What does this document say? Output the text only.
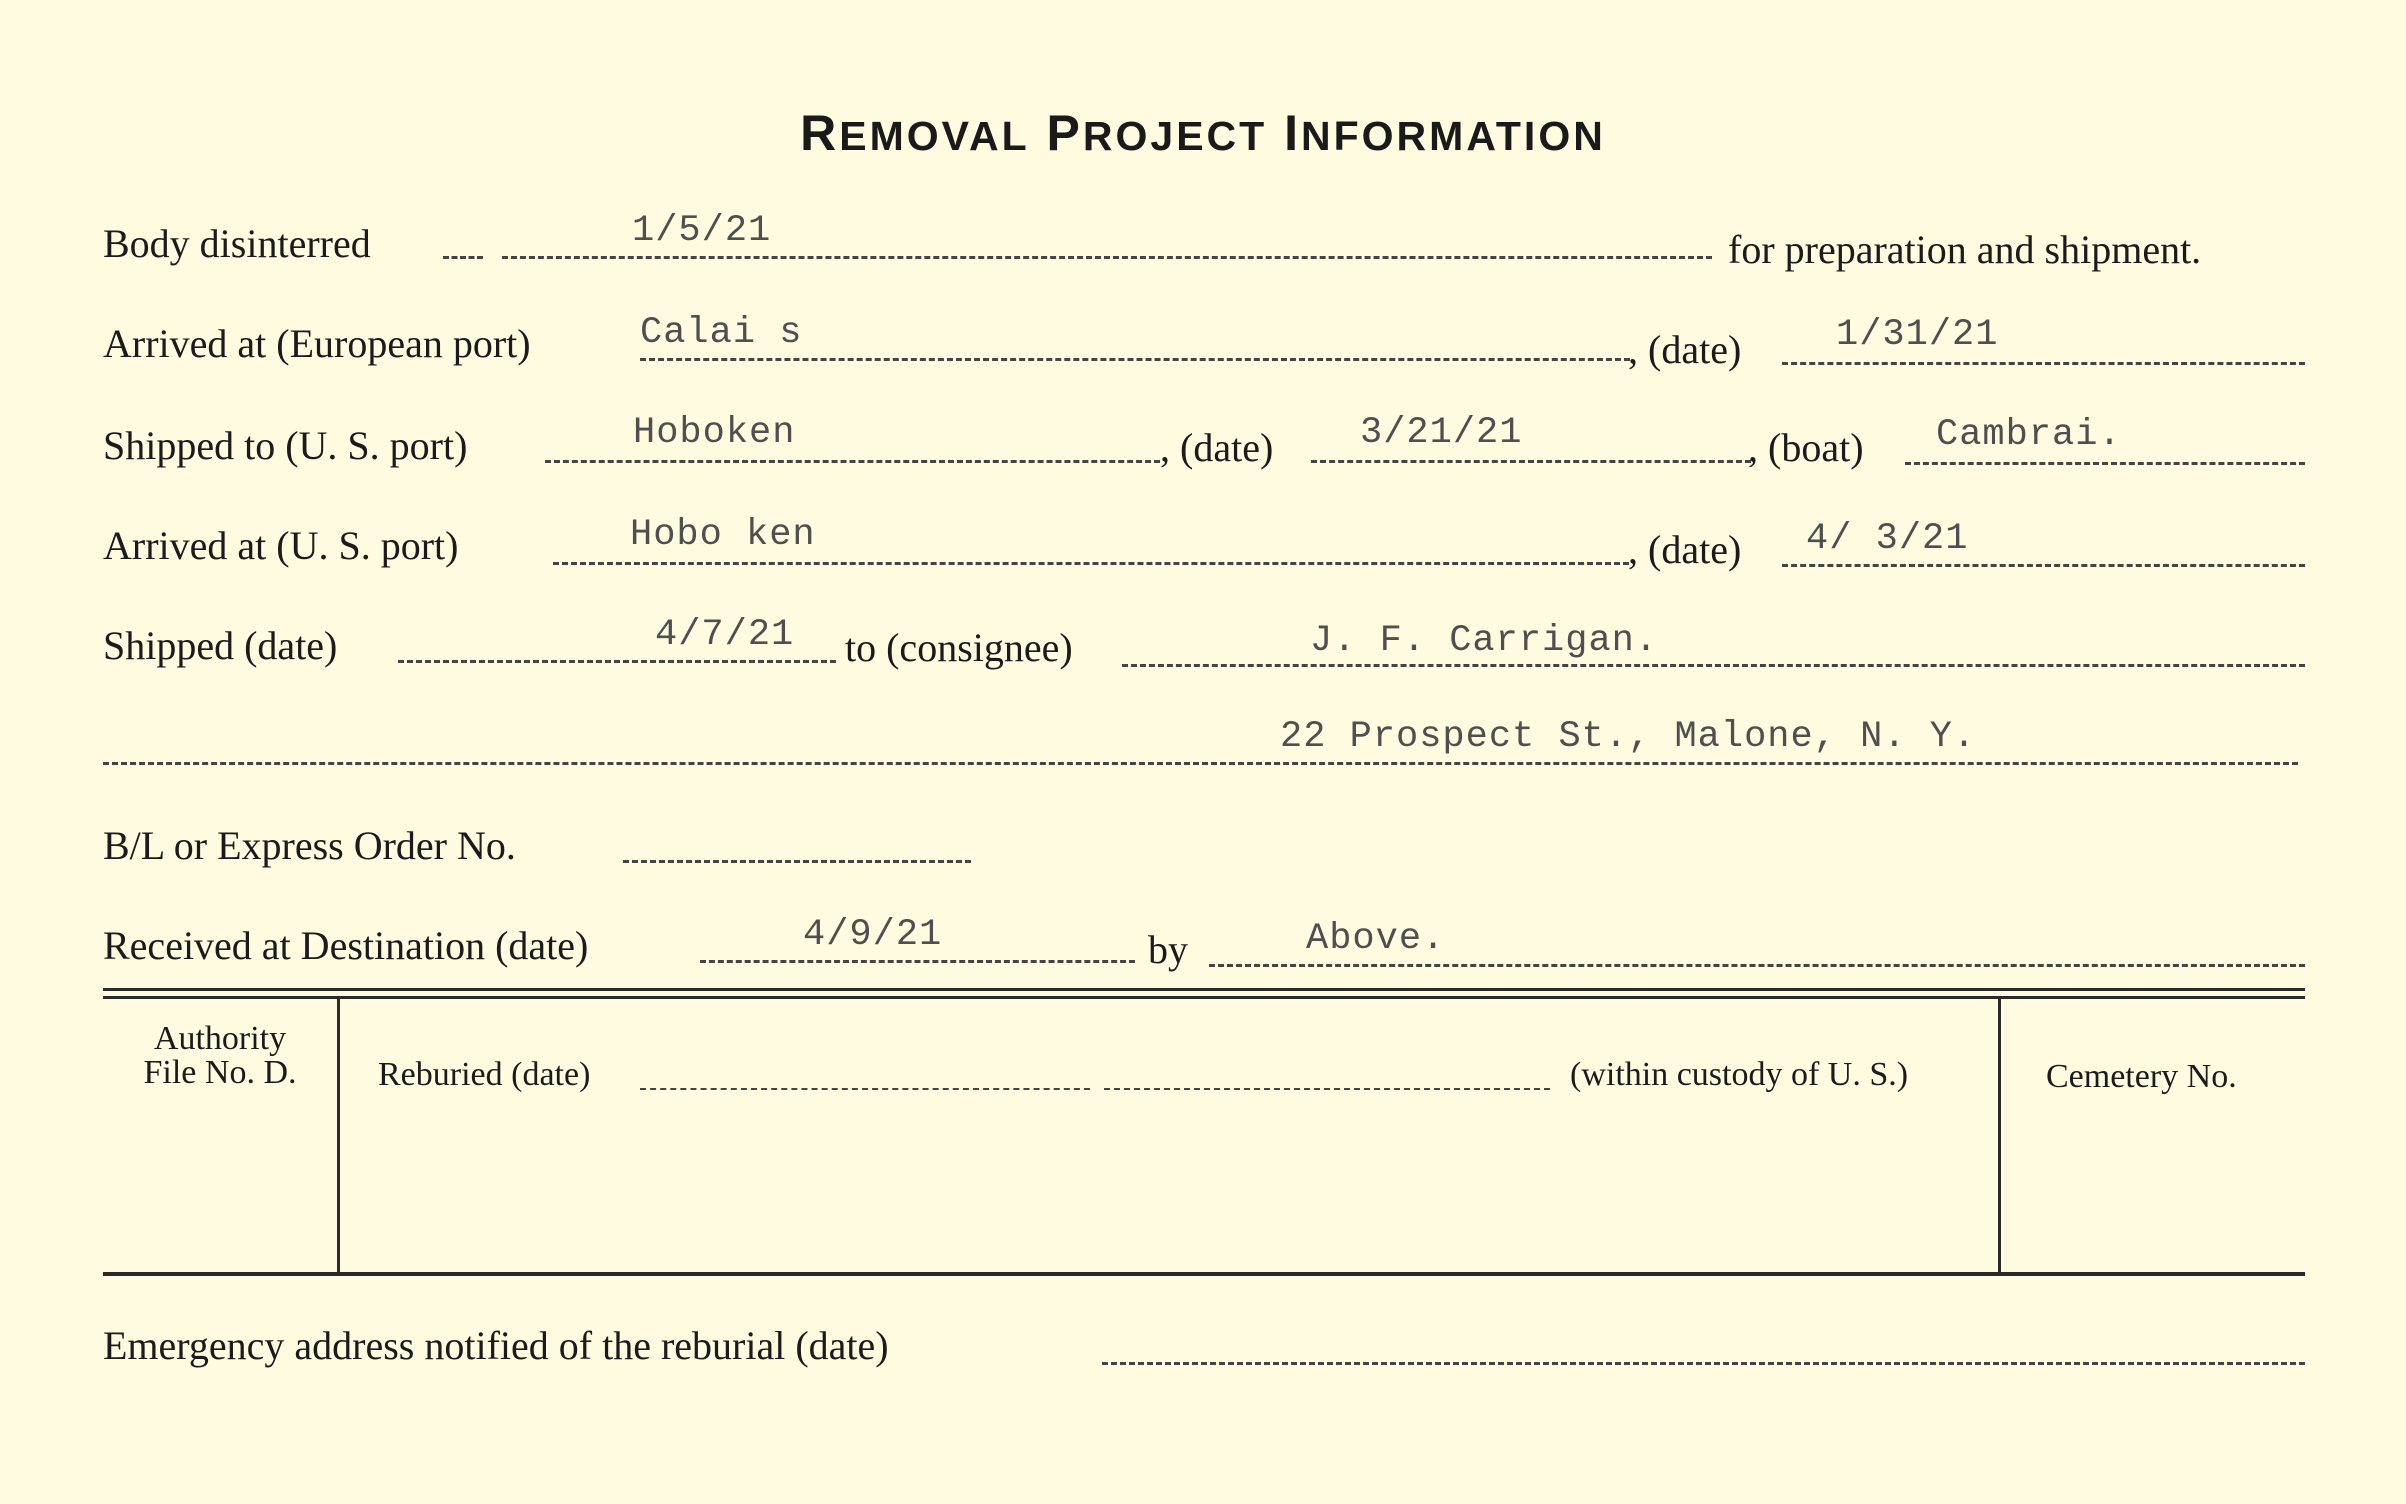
REMOVAL PROJECT INFORMATION
Body disinterred	1/5/21	for preparation and shipment.
Arrived at (European port)	Calai s	, (date)	1/31/21
Shipped to (U. S. port)	Hoboken	, (date) 3/21/21	, (boat) Cambrai.
Arrived at (U. S. port)	Hobo ken	, (date) 4/ 3/21
Shipped (date)	4/7/21 to (consignee)	J. F. Carrigan.
22 Prospect St., Malone, N. Y.
B/L or Express Order No.
Received at Destination (date)	4/9/21	by	Above.
Authority
File No. D.	Reburied (date)	(within custody of U. S.)	Cemetery No.
Emergency address notified of the reburial (date)
